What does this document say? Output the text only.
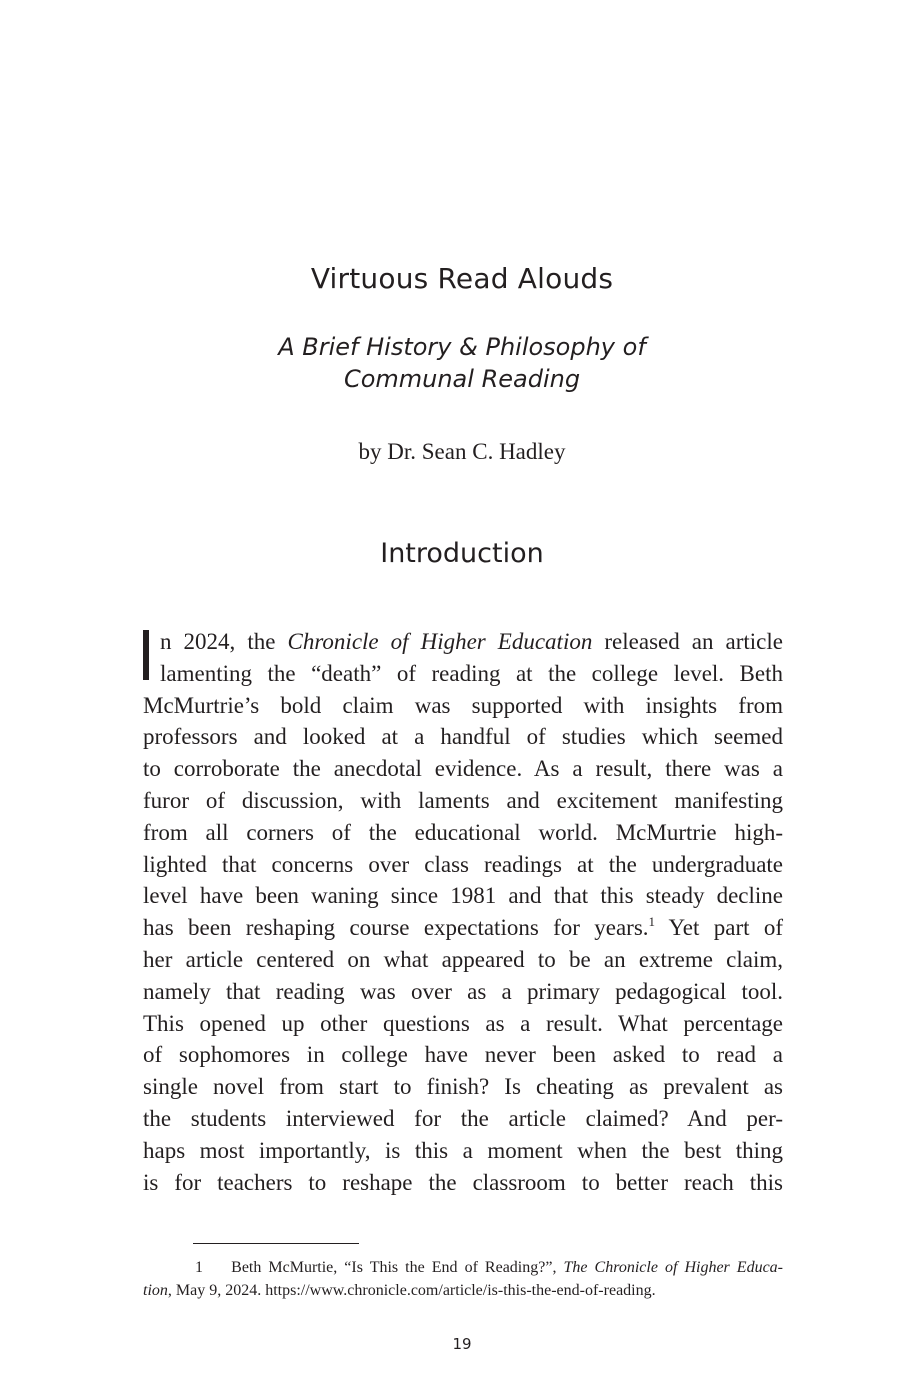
Virtuous Read Alouds
A Brief History & Philosophy of
Communal Reading

by Dr. Sean C. Hadley

Introduction
n 2024, the Chronicle of Higher Education released an article
lamenting the “death” of reading at the college level. Beth
McMurtrie’s bold claim was supported with insights from
professors and looked at a handful of studies which seemed
to corroborate the anecdotal evidence. As a result, there was a
furor of discussion, with laments and excitement manifesting
from all corners of the educational world. McMurtrie high-
lighted that concerns over class readings at the undergraduate
level have been waning since 1981 and that this steady decline
has been reshaping course expectations for years.$^1$ Yet part of
her article centered on what appeared to be an extreme claim,
namely that reading was over as a primary pedagogical tool.
This opened up other questions as a result. What percentage
of sophomores in college have never been asked to read a
single novel from start to finish? Is cheating as prevalent as
the students interviewed for the article claimed? And per-
haps most importantly, is this a moment when the best thing
is for teachers to reshape the classroom to better reach this
1 Beth McMurtie, “Is This the End of Reading?”, The Chronicle of Higher Educa-
tion, May 9, 2024. https://www.chronicle.com/article/is-this-the-end-of-reading.

19
